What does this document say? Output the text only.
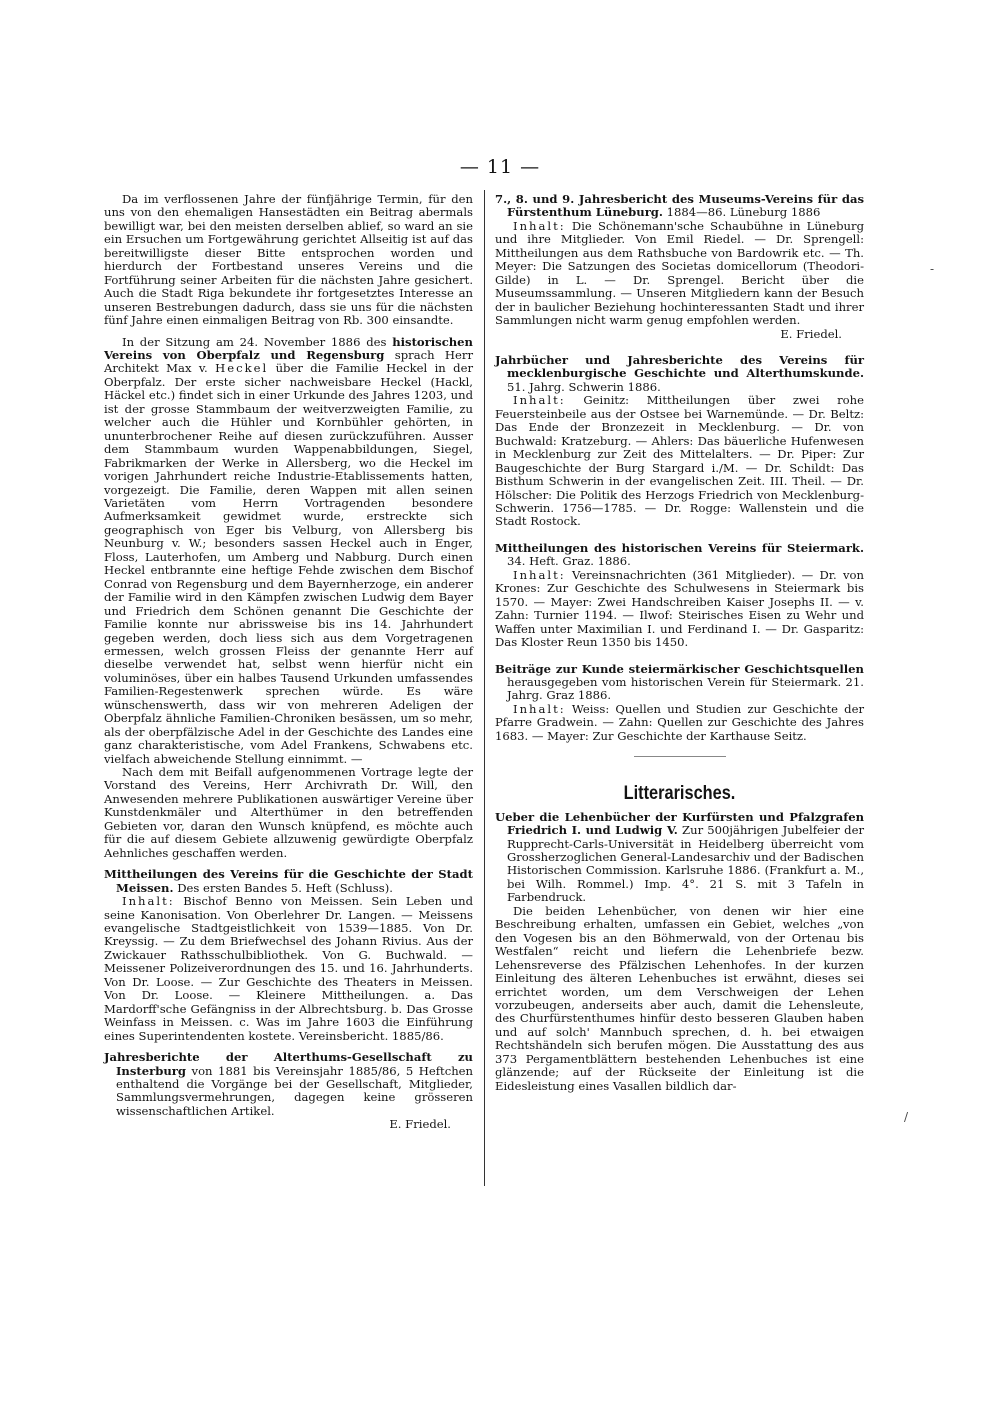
— 11 —
-
/

Da im verflossenen Jahre der fünfjährige Termin, für den uns von den ehemaligen Hansestädten ein Beitrag abermals bewilligt war, bei den meisten derselben ablief, so ward an sie ein Ersuchen um Fortgewährung gerichtet Allseitig ist auf das bereitwilligste dieser Bitte entsprochen worden und hierdurch der Fortbestand unseres Vereins und die Fortführung seiner Arbeiten für die nächsten Jahre gesichert. Auch die Stadt Riga bekundete ihr fortgesetztes Interesse an unseren Bestrebungen dadurch, dass sie uns für die nächsten fünf Jahre einen einmaligen Beitrag von Rb. 300 einsandte.

In der Sitzung am 24. November 1886 des historischen Vereins von Oberpfalz und Regensburg sprach Herr Architekt Max v. Heckel über die Familie Heckel in der Oberpfalz. Der erste sicher nachweisbare Heckel (Hackl, Häckel etc.) findet sich in einer Urkunde des Jahres 1203, und ist der grosse Stammbaum der weitverzweigten Familie, zu welcher auch die Hühler und Kornbühler gehörten, in ununterbrochener Reihe auf diesen zurückzuführen. Ausser dem Stammbaum wurden Wappenabbildungen, Siegel, Fabrikmarken der Werke in Allersberg, wo die Heckel im vorigen Jahrhundert reiche Industrie-Etablissements hatten, vorgezeigt. Die Familie, deren Wappen mit allen seinen Varietäten vom Herrn Vortragenden besondere Aufmerksamkeit gewidmet wurde, erstreckte sich geographisch von Eger bis Velburg, von Allersberg bis Neunburg v. W.; besonders sassen Heckel auch in Enger, Floss, Lauterhofen, um Amberg und Nabburg. Durch einen Heckel entbrannte eine heftige Fehde zwischen dem Bischof Conrad von Regensburg und dem Bayernherzoge, ein anderer der Familie wird in den Kämpfen zwischen Ludwig dem Bayer und Friedrich dem Schönen genannt Die Geschichte der Familie konnte nur abrissweise bis ins 14. Jahrhundert gegeben werden, doch liess sich aus dem Vorgetragenen ermessen, welch grossen Fleiss der genannte Herr auf dieselbe verwendet hat, selbst wenn hierfür nicht ein voluminöses, über ein halbes Tausend Urkunden umfassendes Familien-Regestenwerk sprechen würde. Es wäre wünschenswerth, dass wir von mehreren Adeligen der Oberpfalz ähnliche Familien-Chroniken besässen, um so mehr, als der oberpfälzische Adel in der Geschichte des Landes eine ganz charakteristische, vom Adel Frankens, Schwabens etc. vielfach abweichende Stellung einnimmt. —

Nach dem mit Beifall aufgenommenen Vortrage legte der Vorstand des Vereins, Herr Archivrath Dr. Will, den Anwesenden mehrere Publikationen auswärtiger Vereine über Kunstdenkmäler und Alterthümer in den betreffenden Gebieten vor, daran den Wunsch knüpfend, es möchte auch für die auf diesem Gebiete allzuwenig gewürdigte Oberpfalz Aehnliches geschaffen werden.

Mittheilungen des Vereins für die Geschichte der Stadt Meissen. Des ersten Bandes 5. Heft (Schluss).

Inhalt: Bischof Benno von Meissen. Sein Leben und seine Kanonisation. Von Oberlehrer Dr. Langen. — Meissens evangelische Stadtgeistlichkeit von 1539—1885. Von Dr. Kreyssig. — Zu dem Briefwechsel des Johann Rivius. Aus der Zwickauer Rathsschulbibliothek. Von G. Buchwald. — Meissener Polizeiverordnungen des 15. und 16. Jahrhunderts. Von Dr. Loose. — Zur Geschichte des Theaters in Meissen. Von Dr. Loose. — Kleinere Mittheilungen. a. Das Mardorff'sche Gefängniss in der Albrechtsburg. b. Das Grosse Weinfass in Meissen. c. Was im Jahre 1603 die Einführung eines Superintendenten kostete. Vereinsbericht. 1885/86.

Jahresberichte der Alterthums-Gesellschaft zu Insterburg von 1881 bis Vereinsjahr 1885/86, 5 Heftchen enthaltend die Vorgänge bei der Gesellschaft, Mitglieder, Sammlungsvermehrungen, dagegen keine grösseren wissenschaftlichen Artikel.

E. Friedel.

7., 8. und 9. Jahresbericht des Museums-Vereins für das Fürstenthum Lüneburg. 1884—86. Lüneburg 1886

Inhalt: Die Schönemann'sche Schaubühne in Lüneburg und ihre Mitglieder. Von Emil Riedel. — Dr. Sprengell: Mittheilungen aus dem Rathsbuche von Bardowrik etc. — Th. Meyer: Die Satzungen des Societas domicellorum (Theodori-Gilde) in L. — Dr. Sprengel. Bericht über die Museumssammlung. — Unseren Mitgliedern kann der Besuch der in baulicher Beziehung hochinteressanten Stadt und ihrer Sammlungen nicht warm genug empfohlen werden.

E. Friedel.

Jahrbücher und Jahresberichte des Vereins für mecklenburgische Geschichte und Alterthumskunde. 51. Jahrg. Schwerin 1886.

Inhalt: Geinitz: Mittheilungen über zwei rohe Feuersteinbeile aus der Ostsee bei Warnemünde. — Dr. Beltz: Das Ende der Bronzezeit in Mecklenburg. — Dr. von Buchwald: Kratzeburg. — Ahlers: Das bäuerliche Hufenwesen in Mecklenburg zur Zeit des Mittelalters. — Dr. Piper: Zur Baugeschichte der Burg Stargard i./M. — Dr. Schildt: Das Bisthum Schwerin in der evangelischen Zeit. III. Theil. — Dr. Hölscher: Die Politik des Herzogs Friedrich von Mecklenburg-Schwerin. 1756—1785. — Dr. Rogge: Wallenstein und die Stadt Rostock.

Mittheilungen des historischen Vereins für Steiermark. 34. Heft. Graz. 1886.

Inhalt: Vereinsnachrichten (361 Mitglieder). — Dr. von Krones: Zur Geschichte des Schulwesens in Steiermark bis 1570. — Mayer: Zwei Handschreiben Kaiser Josephs II. — v. Zahn: Turnier 1194. — Ilwof: Steirisches Eisen zu Wehr und Waffen unter Maximilian I. und Ferdinand I. — Dr. Gasparitz: Das Kloster Reun 1350 bis 1450.

Beiträge zur Kunde steiermärkischer Geschichtsquellen herausgegeben vom historischen Verein für Steiermark. 21. Jahrg. Graz 1886.

Inhalt: Weiss: Quellen und Studien zur Geschichte der Pfarre Gradwein. — Zahn: Quellen zur Geschichte des Jahres 1683. — Mayer: Zur Geschichte der Karthause Seitz.

Litterarisches.

Ueber die Lehenbücher der Kurfürsten und Pfalzgrafen Friedrich I. und Ludwig V. Zur 500jährigen Jubelfeier der Rupprecht-Carls-Universität in Heidelberg überreicht vom Grossherzoglichen General-Landesarchiv und der Badischen Historischen Commission. Karlsruhe 1886. (Frankfurt a. M., bei Wilh. Rommel.) Imp. 4°. 21 S. mit 3 Tafeln in Farbendruck.

Die beiden Lehenbücher, von denen wir hier eine Beschreibung erhalten, umfassen ein Gebiet, welches „von den Vogesen bis an den Böhmerwald, von der Ortenau bis Westfalen“ reicht und liefern die Lehenbriefe bezw. Lehensreverse des Pfälzischen Lehenhofes. In der kurzen Einleitung des älteren Lehenbuches ist erwähnt, dieses sei errichtet worden, um dem Verschweigen der Lehen vorzubeugen, anderseits aber auch, damit die Lehensleute, des Churfürstenthumes hinfür desto besseren Glauben haben und auf solch' Mannbuch sprechen, d. h. bei etwaigen Rechtshändeln sich berufen mögen. Die Ausstattung des aus 373 Pergamentblättern bestehenden Lehenbuches ist eine glänzende; auf der Rückseite der Einleitung ist die Eidesleistung eines Vasallen bildlich dar-
